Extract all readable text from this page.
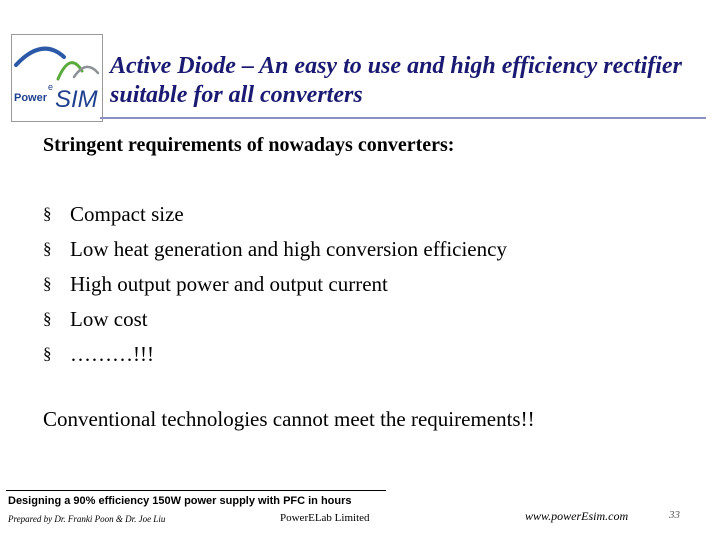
Power
e SIM
Active Diode – An easy to use and high efficiency rectifier
suitable for all converters

Stringent requirements of nowadays converters:

§ Compact size
§ Low heat generation and high conversion efficiency
§ High output power and output current
§ Low cost
§ ………!!!

Conventional technologies cannot meet the requirements!!

Designing a 90% efficiency 150W power supply with PFC in hours

Prepared by Dr. Franki Poon & Dr. Joe Liu	PowerELab Limited	www.powerEsim.com	33
